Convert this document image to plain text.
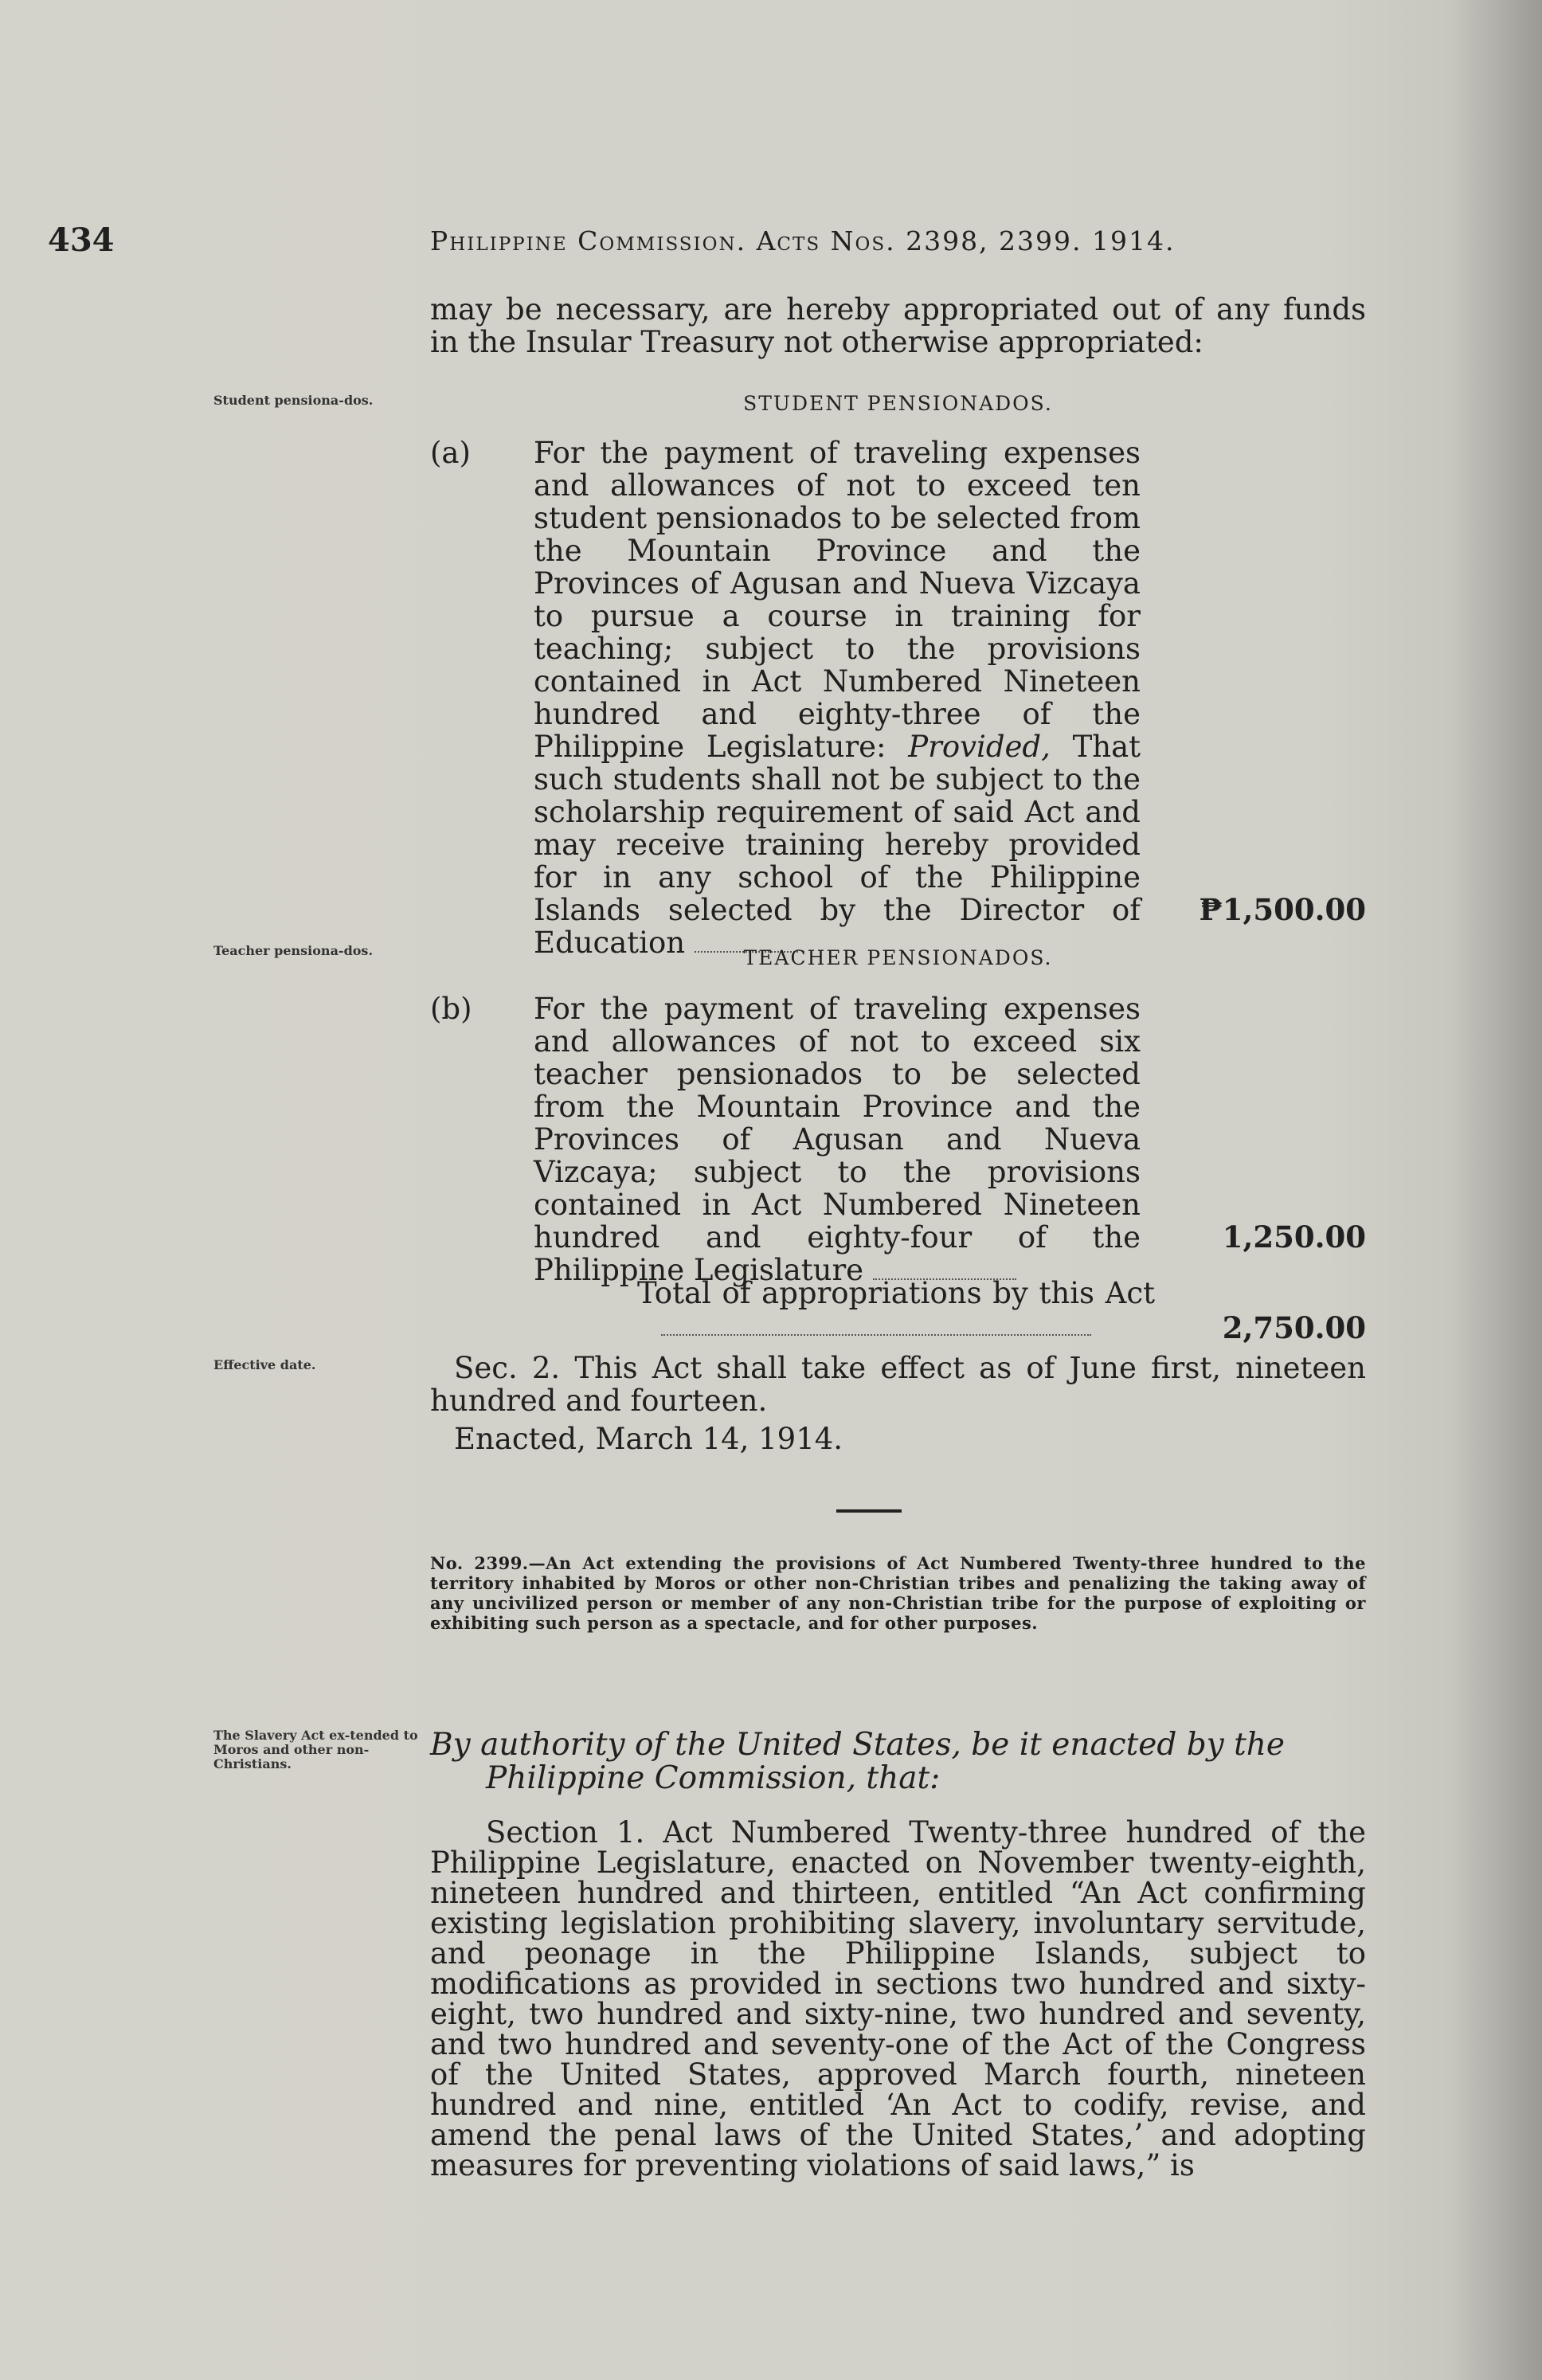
434	Philippine Commission. Acts Nos. 2398, 2399. 1914.
may be necessary, are hereby appropriated out of any funds in the Insular Treasury not otherwise appropriated:
Student pensiona-dos.	STUDENT PENSIONADOS.
(a) For the payment of traveling expenses and allowances of not to exceed ten student pensionados to be selected from the Mountain Province and the Provinces of Agusan and Nueva Vizcaya to pursue a course in training for teaching; subject to the provisions contained in Act Numbered Nineteen hundred and eighty-three of the Philippine Legislature: Provided, That such students shall not be subject to the scholarship requirement of said Act and may receive training hereby provided for in any school of the Philippine Islands selected by the Director of Education
₱1,500.00
Teacher pensiona-dos.	TEACHER PENSIONADOS.
(b) For the payment of traveling expenses and allowances of not to exceed six teacher pensionados to be selected from the Mountain Province and the Provinces of Agusan and Nueva Vizcaya; subject to the provisions contained in Act Numbered Nineteen hundred and eighty-four of the Philippine Legislature
1,250.00
Total of appropriations by this Act
2,750.00
Effective date.	Sec. 2. This Act shall take effect as of June first, nineteen hundred and fourteen.
Enacted, March 14, 1914.
No. 2399.—An Act extending the provisions of Act Numbered Twenty-three hundred to the territory inhabited by Moros or other non-Christian tribes and penalizing the taking away of any uncivilized person or member of any non-Christian tribe for the purpose of exploiting or exhibiting such person as a spectacle, and for other purposes.
The Slavery Act ex-tended to Moros and other non-Christians.
By authority of the United States, be it enacted by the
Philippine Commission, that:
Section 1. Act Numbered Twenty-three hundred of the Philippine Legislature, enacted on November twenty-eighth, nineteen hundred and thirteen, entitled “An Act confirming existing legislation prohibiting slavery, involuntary servitude, and peonage in the Philippine Islands, subject to modifications as provided in sections two hundred and sixty-eight, two hundred and sixty-nine, two hundred and seventy, and two hundred and seventy-one of the Act of the Congress of the United States, approved March fourth, nineteen hundred and nine, entitled ‘An Act to codify, revise, and amend the penal laws of the United States,’ and adopting measures for preventing violations of said laws,” is
